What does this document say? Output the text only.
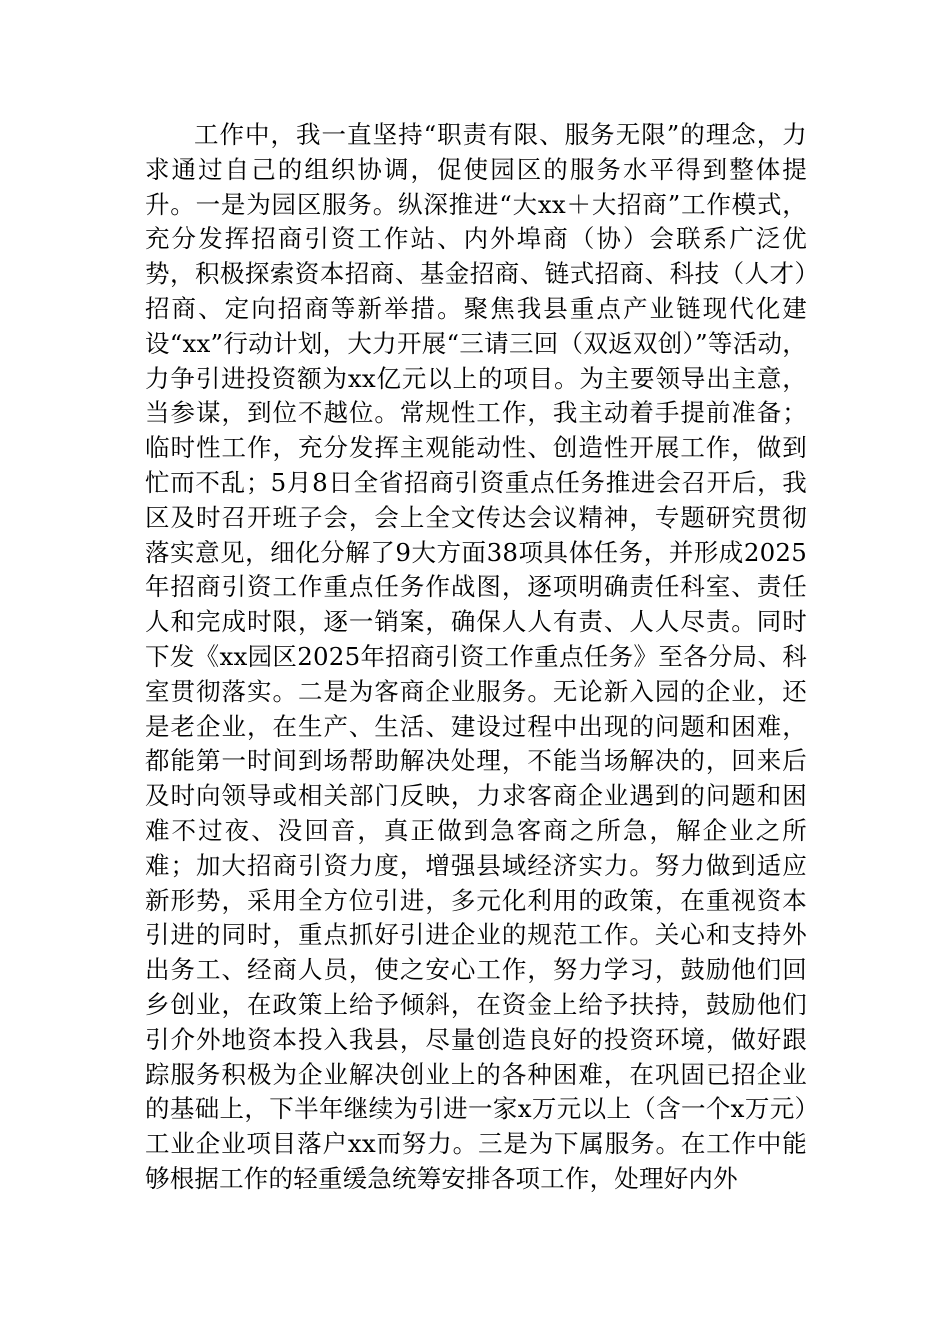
工作中，我一直坚持“职责有限、服务无限”的理念，力求通过自己的组织协调，促使园区的服务水平得到整体提升。一是为园区服务。纵深推进“大xx＋大招商”工作模式，充分发挥招商引资工作站、内外埠商（协）会联系广泛优势，积极探索资本招商、基金招商、链式招商、科技（人才）招商、定向招商等新举措。聚焦我县重点产业链现代化建设“xx”行动计划，大力开展“三请三回（双返双创）”等活动，力争引进投资额为xx亿元以上的项目。为主要领导出主意，当参谋，到位不越位。常规性工作，我主动着手提前准备；临时性工作，充分发挥主观能动性、创造性开展工作，做到忙而不乱；5月8日全省招商引资重点任务推进会召开后，我区及时召开班子会，会上全文传达会议精神，专题研究贯彻落实意见，细化分解了9大方面38项具体任务，并形成2025年招商引资工作重点任务作战图，逐项明确责任科室、责任人和完成时限，逐一销案，确保人人有责、人人尽责。同时下发《xx园区2025年招商引资工作重点任务》至各分局、科室贯彻落实。二是为客商企业服务。无论新入园的企业，还是老企业，在生产、生活、建设过程中出现的问题和困难，都能第一时间到场帮助解决处理，不能当场解决的，回来后及时向领导或相关部门反映，力求客商企业遇到的问题和困难不过夜、没回音，真正做到急客商之所急，解企业之所难；加大招商引资力度，增强县域经济实力。努力做到适应新形势，采用全方位引进，多元化利用的政策，在重视资本引进的同时，重点抓好引进企业的规范工作。关心和支持外出务工、经商人员，使之安心工作，努力学习，鼓励他们回乡创业，在政策上给予倾斜，在资金上给予扶持，鼓励他们引介外地资本投入我县，尽量创造良好的投资环境，做好跟踪服务积极为企业解决创业上的各种困难，在巩固已招企业的基础上，下半年继续为引进一家x万元以上（含一个x万元）工业企业项目落户xx而努力。三是为下属服务。在工作中能够根据工作的轻重缓急统筹安排各项工作，处理好内外
